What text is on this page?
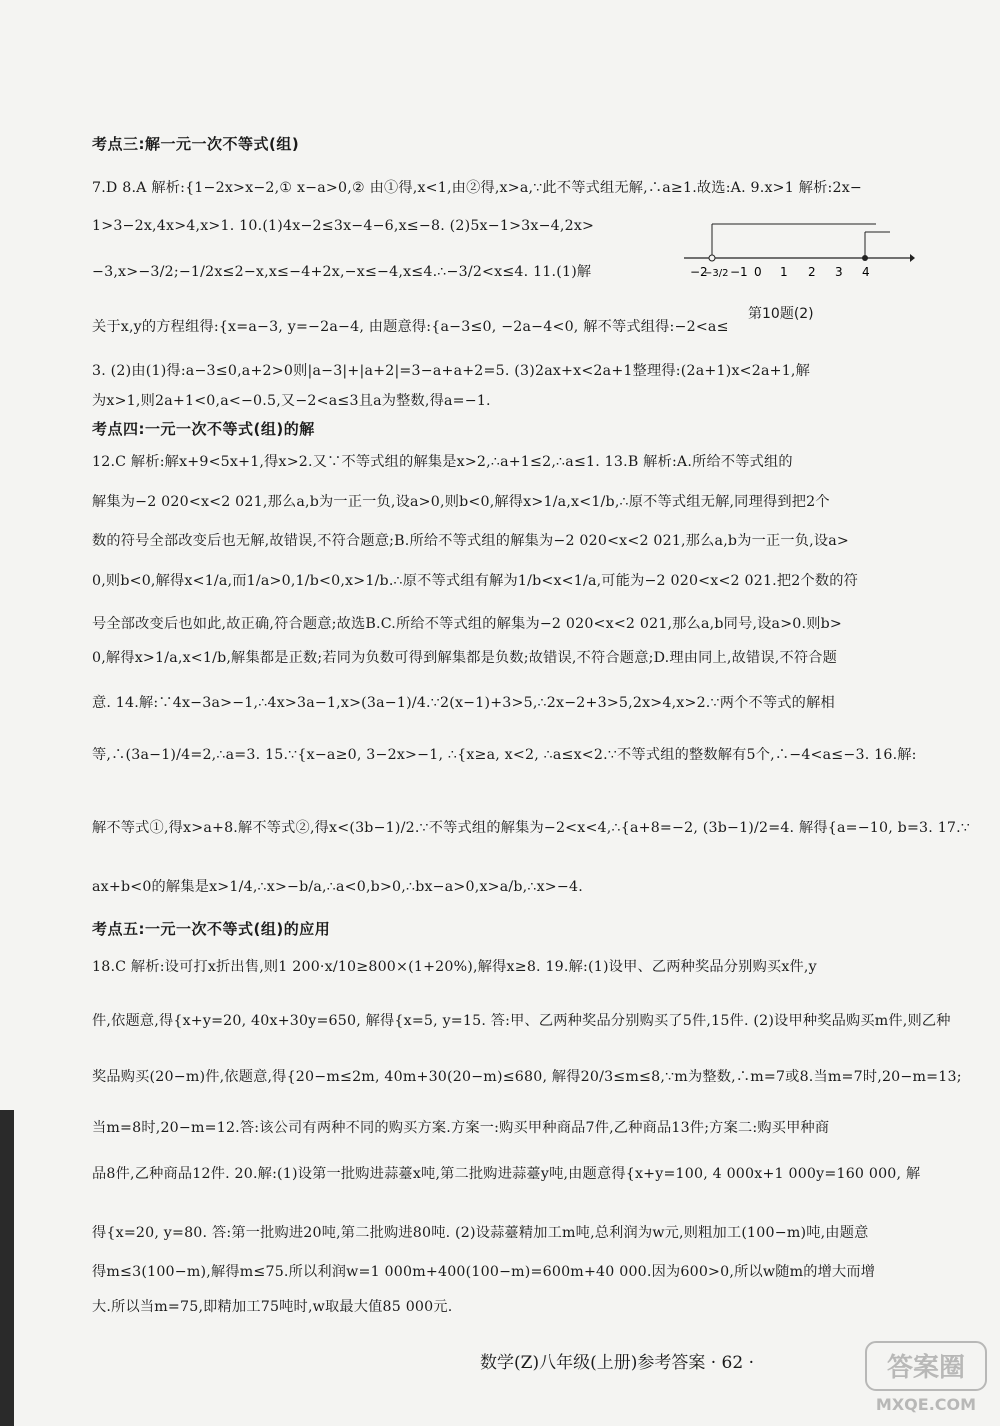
考点三:解一元一次不等式(组)
7.D 8.A 解析:{1−2x>x−2,① x−a>0,② 由①得,x<1,由②得,x>a,∵此不等式组无解,∴a≥1.故选:A. 9.x>1 解析:2x−
1>3−2x,4x>4,x>1. 10.(1)4x−2≤3x−4−6,x≤−8. (2)5x−1>3x−4,2x>
−3,x>−3/2;−1/2x≤2−x,x≤−4+2x,−x≤−4,x≤4.∴−3/2<x≤4. 11.(1)解
关于x,y的方程组得:{x=a−3, y=−2a−4, 由题意得:{a−3≤0, −2a−4<0, 解不等式组得:−2<a≤
3. (2)由(1)得:a−3≤0,a+2>0则|a−3|+|a+2|=3−a+a+2=5. (3)2ax+x<2a+1整理得:(2a+1)x<2a+1,解
为x>1,则2a+1<0,a<−0.5,又−2<a≤3且a为整数,得a=−1.
−2
−3/2 −1 0 1 2 3 4
第10题(2)
考点四:一元一次不等式(组)的解
12.C 解析:解x+9<5x+1,得x>2.又∵不等式组的解集是x>2,∴a+1≤2,∴a≤1. 13.B 解析:A.所给不等式组的
解集为−2 020<x<2 021,那么a,b为一正一负,设a>0,则b<0,解得x>1/a,x<1/b,∴原不等式组无解,同理得到把2个
数的符号全部改变后也无解,故错误,不符合题意;B.所给不等式组的解集为−2 020<x<2 021,那么a,b为一正一负,设a>
0,则b<0,解得x<1/a,而1/a>0,1/b<0,x>1/b.∴原不等式组有解为1/b<x<1/a,可能为−2 020<x<2 021.把2个数的符
号全部改变后也如此,故正确,符合题意;故选B.C.所给不等式组的解集为−2 020<x<2 021,那么a,b同号,设a>0.则b>
0,解得x>1/a,x<1/b,解集都是正数;若同为负数可得到解集都是负数;故错误,不符合题意;D.理由同上,故错误,不符合题
意. 14.解:∵4x−3a>−1,∴4x>3a−1,x>(3a−1)/4.∵2(x−1)+3>5,∴2x−2+3>5,2x>4,x>2.∵两个不等式的解相
等,∴(3a−1)/4=2,∴a=3. 15.∵{x−a≥0, 3−2x>−1, ∴{x≥a, x<2, ∴a≤x<2.∵不等式组的整数解有5个,∴−4<a≤−3. 16.解:
解不等式①,得x>a+8.解不等式②,得x<(3b−1)/2.∵不等式组的解集为−2<x<4,∴{a+8=−2, (3b−1)/2=4. 解得{a=−10, b=3. 17.∵
ax+b<0的解集是x>1/4,∴x>−b/a,∴a<0,b>0,∴bx−a>0,x>a/b,∴x>−4.
考点五:一元一次不等式(组)的应用
18.C 解析:设可打x折出售,则1 200·x/10≥800×(1+20%),解得x≥8. 19.解:(1)设甲、乙两种奖品分别购买x件,y
件,依题意,得{x+y=20, 40x+30y=650, 解得{x=5, y=15. 答:甲、乙两种奖品分别购买了5件,15件. (2)设甲种奖品购买m件,则乙种
奖品购买(20−m)件,依题意,得{20−m≤2m, 40m+30(20−m)≤680, 解得20/3≤m≤8,∵m为整数,∴m=7或8.当m=7时,20−m=13;
当m=8时,20−m=12.答:该公司有两种不同的购买方案.方案一:购买甲种商品7件,乙种商品13件;方案二:购买甲种商
品8件,乙种商品12件. 20.解:(1)设第一批购进蒜薹x吨,第二批购进蒜薹y吨,由题意得{x+y=100, 4 000x+1 000y=160 000, 解
得{x=20, y=80. 答:第一批购进20吨,第二批购进80吨. (2)设蒜薹精加工m吨,总利润为w元,则粗加工(100−m)吨,由题意
得m≤3(100−m),解得m≤75.所以利润w=1 000m+400(100−m)=600m+40 000.因为600>0,所以w随m的增大而增
大.所以当m=75,即精加工75吨时,w取最大值85 000元.
数学(Z)八年级(上册)参考答案 · 62 ·	答案圈
MXQE.COM
